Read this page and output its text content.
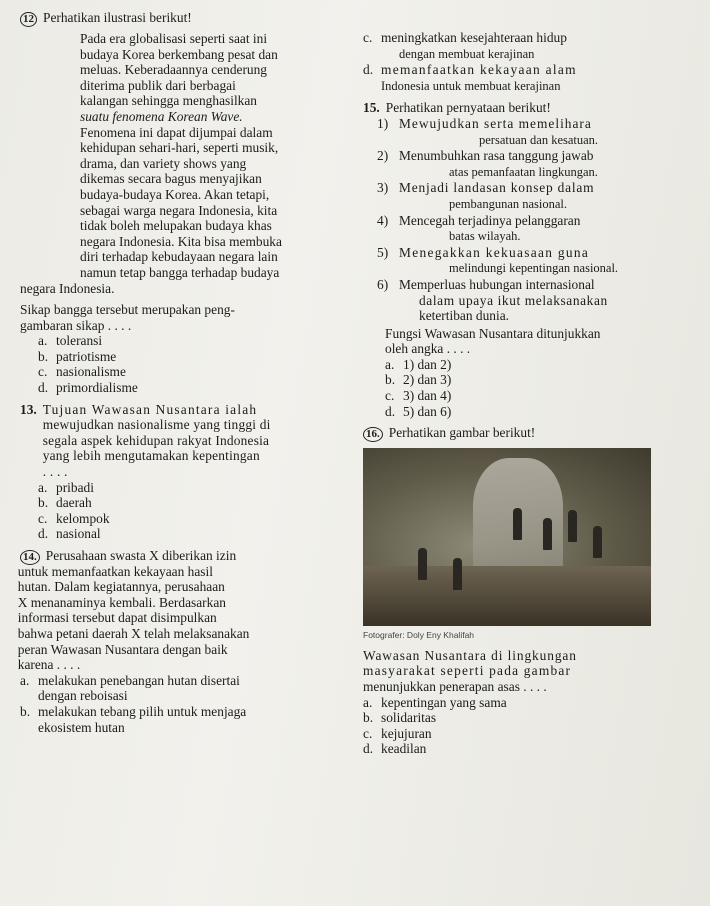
12 Perhatikan ilustrasi berikut!
Pada era globalisasi seperti saat ini
budaya Korea berkembang pesat dan
meluas. Keberadaannya cenderung
diterima publik dari berbagai
kalangan sehingga menghasilkan
suatu fenomena Korean Wave.
Fenomena ini dapat dijumpai dalam
kehidupan sehari-hari, seperti musik,
drama, dan variety shows yang
dikemas secara bagus menyajikan
budaya-budaya Korea. Akan tetapi,
sebagai warga negara Indonesia, kita
tidak boleh melupakan budaya khas
negara Indonesia. Kita bisa membuka
diri terhadap kebudayaan negara lain
namun tetap bangga terhadap budaya
negara Indonesia.
Sikap bangga tersebut merupakan peng-
gambaran sikap . . . .
a. toleransi
b. patriotisme
c. nasionalisme
d. primordialisme
13. Tujuan Wawasan Nusantara ialah
mewujudkan nasionalisme yang tinggi di
segala aspek kehidupan rakyat Indonesia
yang lebih mengutamakan kepentingan
. . . .
a. pribadi
b. daerah
c. kelompok
d. nasional
14. Perusahaan swasta X diberikan izin
untuk memanfaatkan kekayaan hasil
hutan. Dalam kegiatannya, perusahaan
X menanaminya kembali. Berdasarkan
informasi tersebut dapat disimpulkan
bahwa petani daerah X telah melaksanakan
peran Wawasan Nusantara dengan baik
karena . . . .
a. melakukan penebangan hutan disertai
dengan reboisasi
b. melakukan tebang pilih untuk menjaga
ekosistem hutan
c. meningkatkan kesejahteraan hidup
dengan membuat kerajinan
d. memanfaatkan kekayaan alam
Indonesia untuk membuat kerajinan
15. Perhatikan pernyataan berikut!
1) Mewujudkan serta memelihara
persatuan dan kesatuan.
2) Menumbuhkan rasa tanggung jawab
atas pemanfaatan lingkungan.
3) Menjadi landasan konsep dalam
pembangunan nasional.
4) Mencegah terjadinya pelanggaran
batas wilayah.
5) Menegakkan kekuasaan guna
melindungi kepentingan nasional.
6) Memperluas hubungan internasional
dalam upaya ikut melaksanakan
ketertiban dunia.
Fungsi Wawasan Nusantara ditunjukkan
oleh angka . . . .
a. 1) dan 2)
b. 2) dan 3)
c. 3) dan 4)
d. 5) dan 6)
16. Perhatikan gambar berikut!
Fotografer: Doly Eny Khalifah
Wawasan Nusantara di lingkungan
masyarakat seperti pada gambar
menunjukkan penerapan asas . . . .
a. kepentingan yang sama
b. solidaritas
c. kejujuran
d. keadilan
